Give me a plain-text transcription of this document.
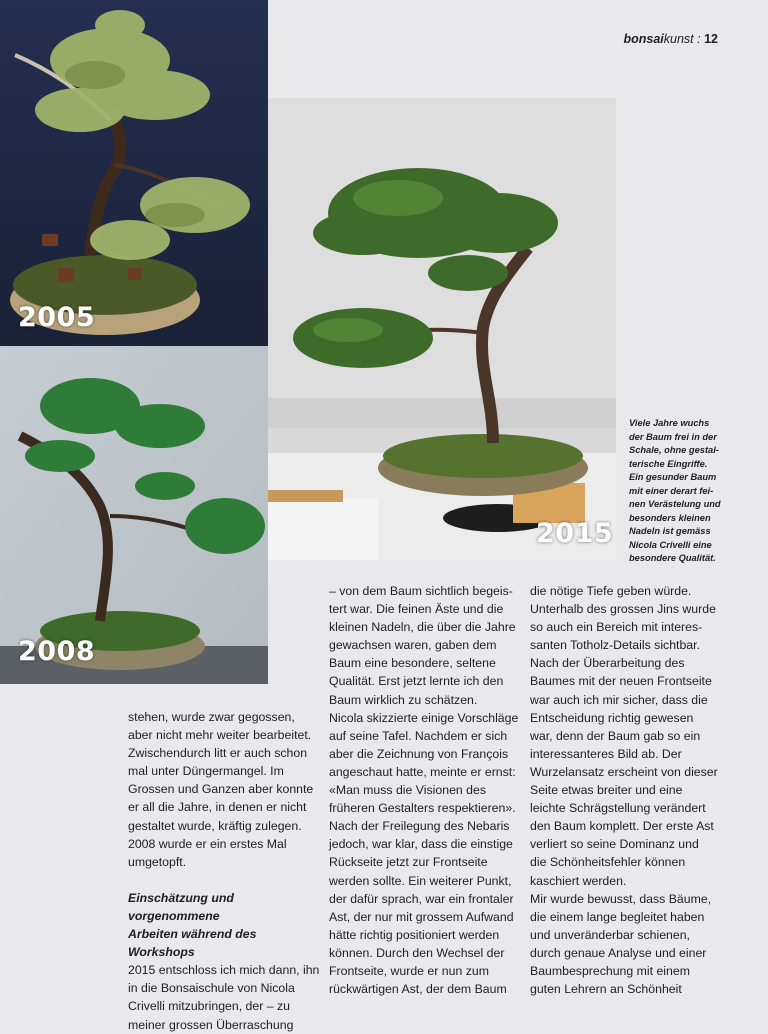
bonsaikunst : 12
2005
2008
2015
Viele Jahre wuchs
der Baum frei in der
Schale, ohne gestal-
terische Eingriffe.
Ein gesunder Baum
mit einer derart fei-
nen Verästelung und
besonders kleinen
Nadeln ist gemäss
Nicola Crivelli eine
besondere Qualität.
stehen, wurde zwar gegossen,
aber nicht mehr weiter bearbeitet.
Zwischendurch litt er auch schon
mal unter Düngermangel. Im
Grossen und Ganzen aber konnte
er all die Jahre, in denen er nicht
gestaltet wurde, kräftig zulegen.
2008 wurde er ein erstes Mal
umgetopft.
Einschätzung und vorgenommene
Arbeiten während des Workshops
2015 entschloss ich mich dann, ihn
in die Bonsaischule von Nicola
Crivelli mitzubringen, der – zu
meiner grossen Überraschung
– von dem Baum sichtlich begeis-
tert war. Die feinen Äste und die
kleinen Nadeln, die über die Jahre
gewachsen waren, gaben dem
Baum eine besondere, seltene
Qualität. Erst jetzt lernte ich den
Baum wirklich zu schätzen.
Nicola skizzierte einige Vorschläge
auf seine Tafel. Nachdem er sich
aber die Zeichnung von François
angeschaut hatte, meinte er ernst:
«Man muss die Visionen des
früheren Gestalters respektieren».
Nach der Freilegung des Nebaris
jedoch, war klar, dass die einstige
Rückseite jetzt zur Frontseite
werden sollte. Ein weiterer Punkt,
der dafür sprach, war ein frontaler
Ast, der nur mit grossem Aufwand
hätte richtig positioniert werden
können. Durch den Wechsel der
Frontseite, wurde er nun zum
rückwärtigen Ast, der dem Baum
die nötige Tiefe geben würde.
Unterhalb des grossen Jins wurde
so auch ein Bereich mit interes-
santen Totholz-Details sichtbar.
Nach der Überarbeitung des
Baumes mit der neuen Frontseite
war auch ich mir sicher, dass die
Entscheidung richtig gewesen
war, denn der Baum gab so ein
interessanteres Bild ab. Der
Wurzelansatz erscheint von dieser
Seite etwas breiter und eine
leichte Schrägstellung verändert
den Baum komplett. Der erste Ast
verliert so seine Dominanz und
die Schönheitsfehler können
kaschiert werden.
Mir wurde bewusst, dass Bäume,
die einem lange begleitet haben
und unveränderbar schienen,
durch genaue Analyse und einer
Baumbesprechung mit einem
guten Lehrern an Schönheit
